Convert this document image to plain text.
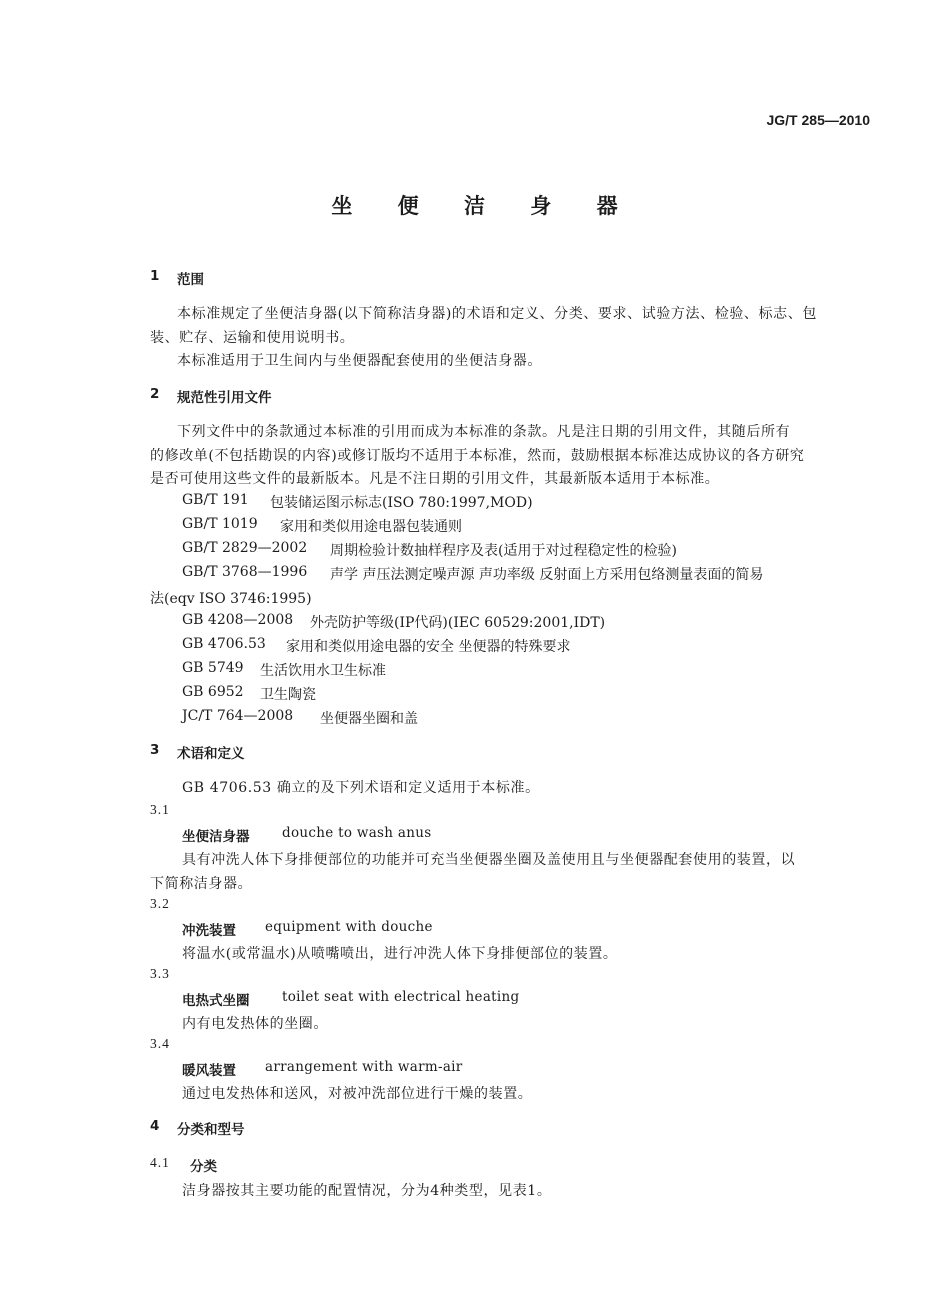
JG/T 285—2010
坐 便 洁 身 器
1 范围
本标准规定了坐便洁身器(以下简称洁身器)的术语和定义、分类、要求、试验方法、检验、标志、包
装、贮存、运输和使用说明书。
本标准适用于卫生间内与坐便器配套使用的坐便洁身器。
2 规范性引用文件
下列文件中的条款通过本标准的引用而成为本标准的条款。凡是注日期的引用文件，其随后所有
的修改单(不包括勘误的内容)或修订版均不适用于本标准，然而，鼓励根据本标准达成协议的各方研究
是否可使用这些文件的最新版本。凡是不注日期的引用文件，其最新版本适用于本标准。
GB/T 191 包装储运图示标志(ISO 780:1997,MOD)
GB/T 1019 家用和类似用途电器包装通则
GB/T 2829—2002 周期检验计数抽样程序及表(适用于对过程稳定性的检验)
GB/T 3768—1996 声学 声压法测定噪声源 声功率级 反射面上方采用包络测量表面的简易
法(eqv ISO 3746:1995)
GB 4208—2008 外壳防护等级(IP代码)(IEC 60529:2001,IDT)
GB 4706.53 家用和类似用途电器的安全 坐便器的特殊要求
GB 5749 生活饮用水卫生标准
GB 6952 卫生陶瓷
JC/T 764—2008 坐便器坐圈和盖
3 术语和定义
GB 4706.53 确立的及下列术语和定义适用于本标准。
3.1
坐便洁身器 douche to wash anus
具有冲洗人体下身排便部位的功能并可充当坐便器坐圈及盖使用且与坐便器配套使用的装置，以
下简称洁身器。
3.2
冲洗装置 equipment with douche
将温水(或常温水)从喷嘴喷出，进行冲洗人体下身排便部位的装置。
3.3
电热式坐圈 toilet seat with electrical heating
内有电发热体的坐圈。
3.4
暖风装置 arrangement with warm-air
通过电发热体和送风，对被冲洗部位进行干燥的装置。
4 分类和型号
4.1 分类
洁身器按其主要功能的配置情况，分为4种类型，见表1。
